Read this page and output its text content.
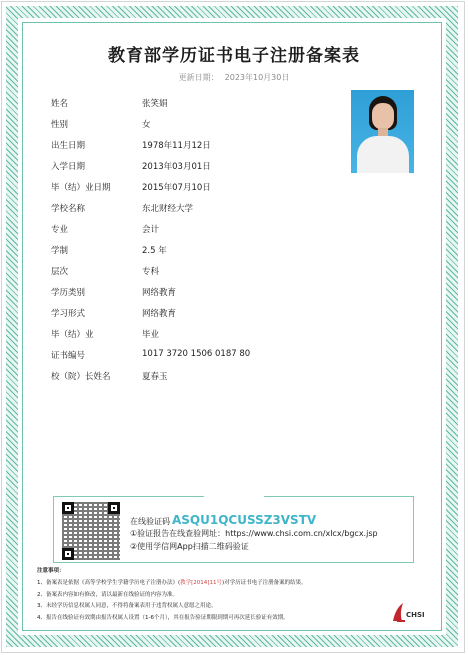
教育部学历证书电子注册备案表
更新日期： 2023年10月30日
姓名	张笑娟
性别	女
出生日期	1978年11月12日
入学日期	2013年03月01日
毕（结）业日期	2015年07月10日
学校名称	东北财经大学
专业	会计
学制	2.5 年
层次	专科
学历类别	网络教育
学习形式	网络教育
毕（结）业	毕业
证书编号	1017 3720 1506 0187 80
校（院）长姓名	夏春玉
在线验证码 ASQU1QCUSSZ3VSTV
①验证报告在线查验网址：https://www.chsi.com.cn/xlcx/bgcx.jsp
②使用学信网App扫描二维码验证
注意事项：
1、备案表是依据《高等学校学生学籍学历电子注册办法》(教学[2014]11号)对学历证书电子注册备案的结果。
2、备案表内容如有修改，请以最新在线验证的内容为准。
3、未经学历信息权属人同意，不得将备案表用于违背权属人意愿之用途。
4、报告在线验证有效期由报告权属人设置（1-6个月），其在报告验证期限到期可再次延长验证有效期。	CHSI
